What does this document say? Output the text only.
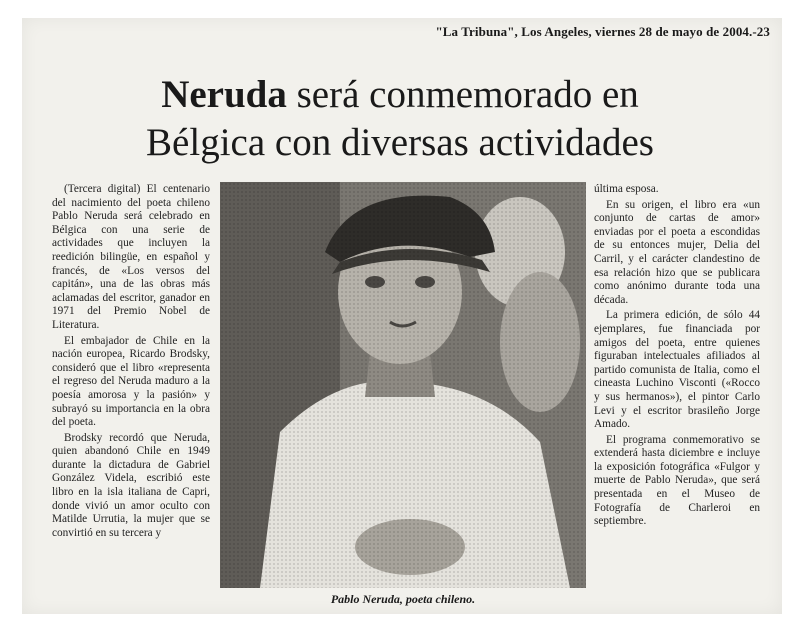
"La Tribuna", Los Angeles, viernes 28 de mayo de 2004.-23
Neruda será conmemorado en
Bélgica con diversas actividades

(Tercera digital) El centenario del nacimiento del poeta chileno Pablo Neruda será celebrado en Bélgica con una serie de actividades que incluyen la reedición bilingüe, en español y francés, de «Los versos del capitán», una de las obras más aclamadas del escritor, ganador en 1971 del Premio Nobel de Literatura.

El embajador de Chile en la nación europea, Ricardo Brodsky, consideró que el libro «representa el regreso del Neruda maduro a la poesía amorosa y la pasión» y subrayó su importancia en la obra del poeta.

Brodsky recordó que Neruda, quien abandonó Chile en 1949 durante la dictadura de Gabriel González Videla, escribió este libro en la isla italiana de Capri, donde vivió un amor oculto con Matilde Urrutia, la mujer que se convirtió en su tercera y

Pablo Neruda, poeta chileno.

última esposa.

En su origen, el libro era «un conjunto de cartas de amor» enviadas por el poeta a escondidas de su entonces mujer, Delia del Carril, y el carácter clandestino de esa relación hizo que se publicara como anónimo durante toda una década.

La primera edición, de sólo 44 ejemplares, fue financiada por amigos del poeta, entre quienes figuraban intelectuales afiliados al partido comunista de Italia, como el cineasta Luchino Visconti («Rocco y sus hermanos»), el pintor Carlo Levi y el escritor brasileño Jorge Amado.

El programa conmemorativo se extenderá hasta diciembre e incluye la exposición fotográfica «Fulgor y muerte de Pablo Neruda», que será presentada en el Museo de Fotografía de Charleroi en septiembre.
